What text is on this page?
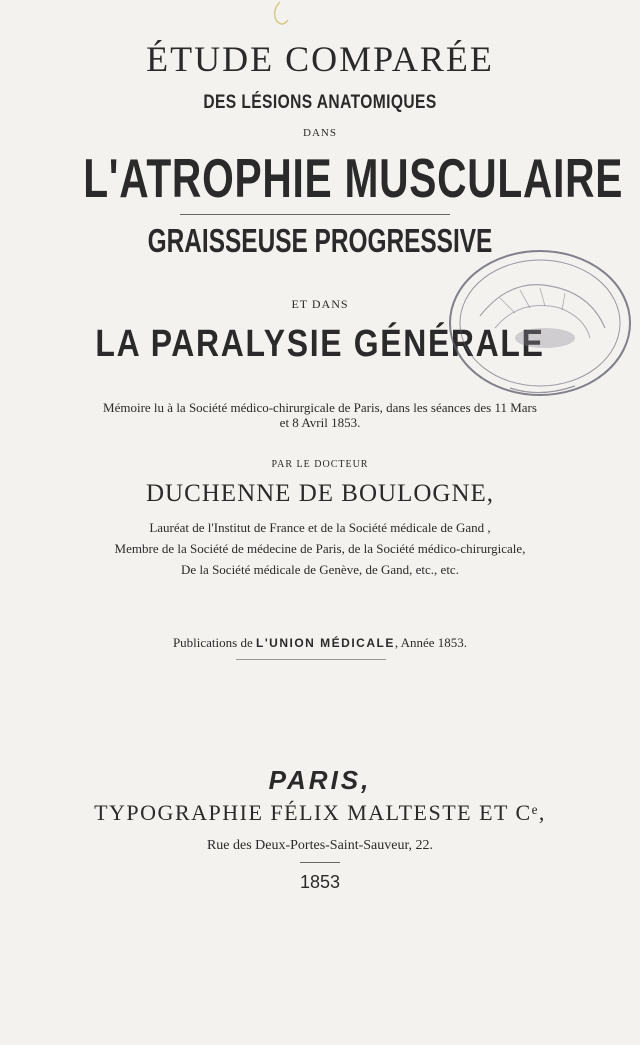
ÉTUDE COMPARÉE
DES LÉSIONS ANATOMIQUES
DANS
L'ATROPHIE MUSCULAIRE
GRAISSEUSE PROGRESSIVE
ET DANS
LA PARALYSIE GÉNÉRALE
Mémoire lu à la Société médico-chirurgicale de Paris, dans les séances des 11 Mars
et 8 Avril 1853.
PAR LE DOCTEUR
DUCHENNE DE BOULOGNE,
Lauréat de l'Institut de France et de la Société médicale de Gand ,
Membre de la Société de médecine de Paris, de la Société médico-chirurgicale,
De la Société médicale de Genève, de Gand, etc., etc.
Publications de L'UNION MÉDICALE, Année 1853.
PARIS,
TYPOGRAPHIE FÉLIX MALTESTE ET Cᵉ,
Rue des Deux-Portes-Saint-Sauveur, 22.
1853
